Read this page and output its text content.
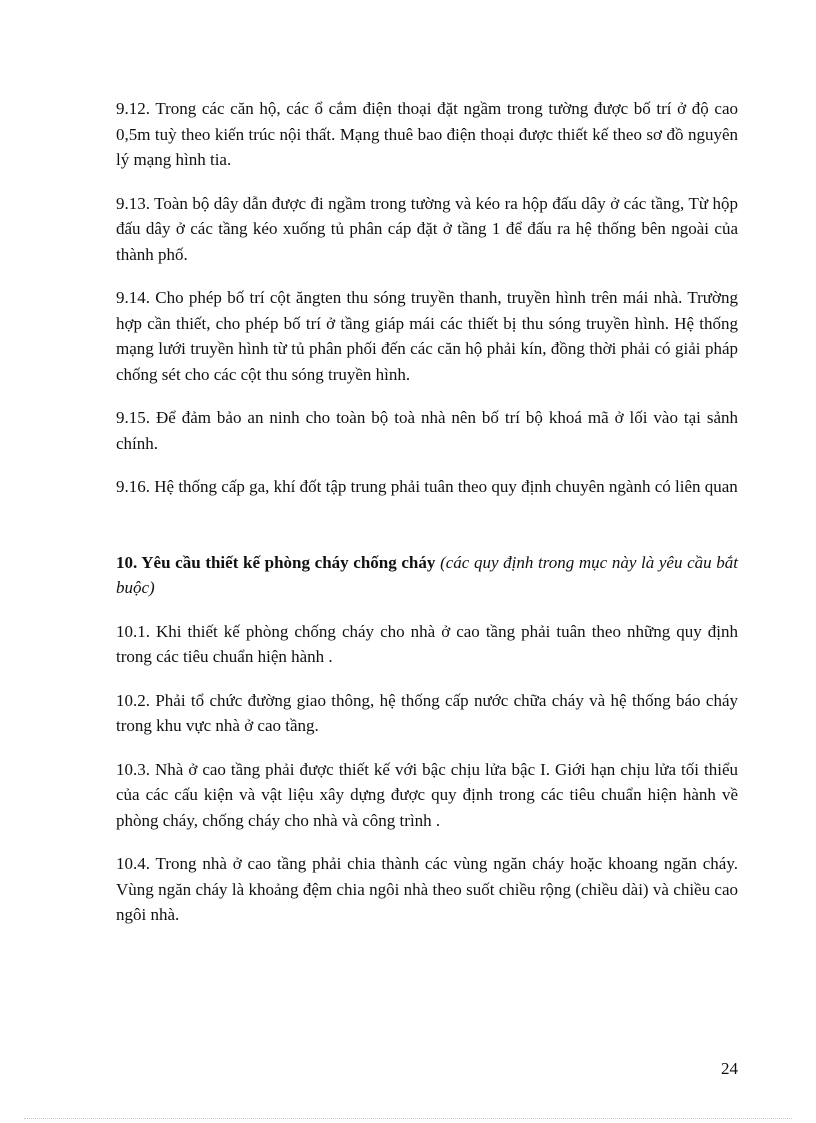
9.12. Trong các căn hộ, các ổ cắm điện thoại đặt ngầm trong tường được bố trí ở độ cao 0,5m tuỳ theo kiến trúc nội thất. Mạng thuê bao điện thoại được thiết kế theo sơ đồ nguyên lý mạng hình tia.

9.13. Toàn bộ dây dẫn được đi ngầm trong tường và kéo ra hộp đấu dây ở các tầng, Từ hộp đấu dây ở các tầng kéo xuống tủ phân cáp đặt ở tầng 1 để đấu ra hệ thống bên ngoài của thành phố.

9.14. Cho phép bố trí cột ăngten thu sóng truyền thanh, truyền hình trên mái nhà. Trường hợp cần thiết, cho phép bố trí ở tầng giáp mái các thiết bị thu sóng truyền hình. Hệ thống mạng lưới truyền hình từ tủ phân phối đến các căn hộ phải kín, đồng thời phải có giải pháp chống sét cho các cột thu sóng truyền hình.

9.15. Để đảm bảo an ninh cho toàn bộ toà nhà nên bố trí bộ khoá mã ở lối vào tại sảnh chính.

9.16. Hệ thống cấp ga, khí đốt tập trung phải tuân theo quy định chuyên ngành có liên quan

10. Yêu cầu thiết kế phòng cháy chống cháy (các quy định trong mục này là yêu cầu bắt buộc)

10.1. Khi thiết kế phòng chống cháy cho nhà ở cao tầng phải tuân theo những quy định trong các tiêu chuẩn hiện hành .

10.2. Phải tổ chức đường giao thông, hệ thống cấp nước chữa cháy và hệ thống báo cháy trong khu vực nhà ở cao tầng.

10.3. Nhà ở cao tầng phải được thiết kế với bậc chịu lửa bậc I. Giới hạn chịu lửa tối thiểu của các cấu kiện và vật liệu xây dựng được quy định trong các tiêu chuẩn hiện hành về phòng cháy, chống cháy cho nhà và công trình .

10.4. Trong nhà ở cao tầng phải chia thành các vùng ngăn cháy hoặc khoang ngăn cháy. Vùng ngăn cháy là khoảng đệm chia ngôi nhà theo suốt chiều rộng (chiều dài) và chiều cao ngôi nhà.

24
